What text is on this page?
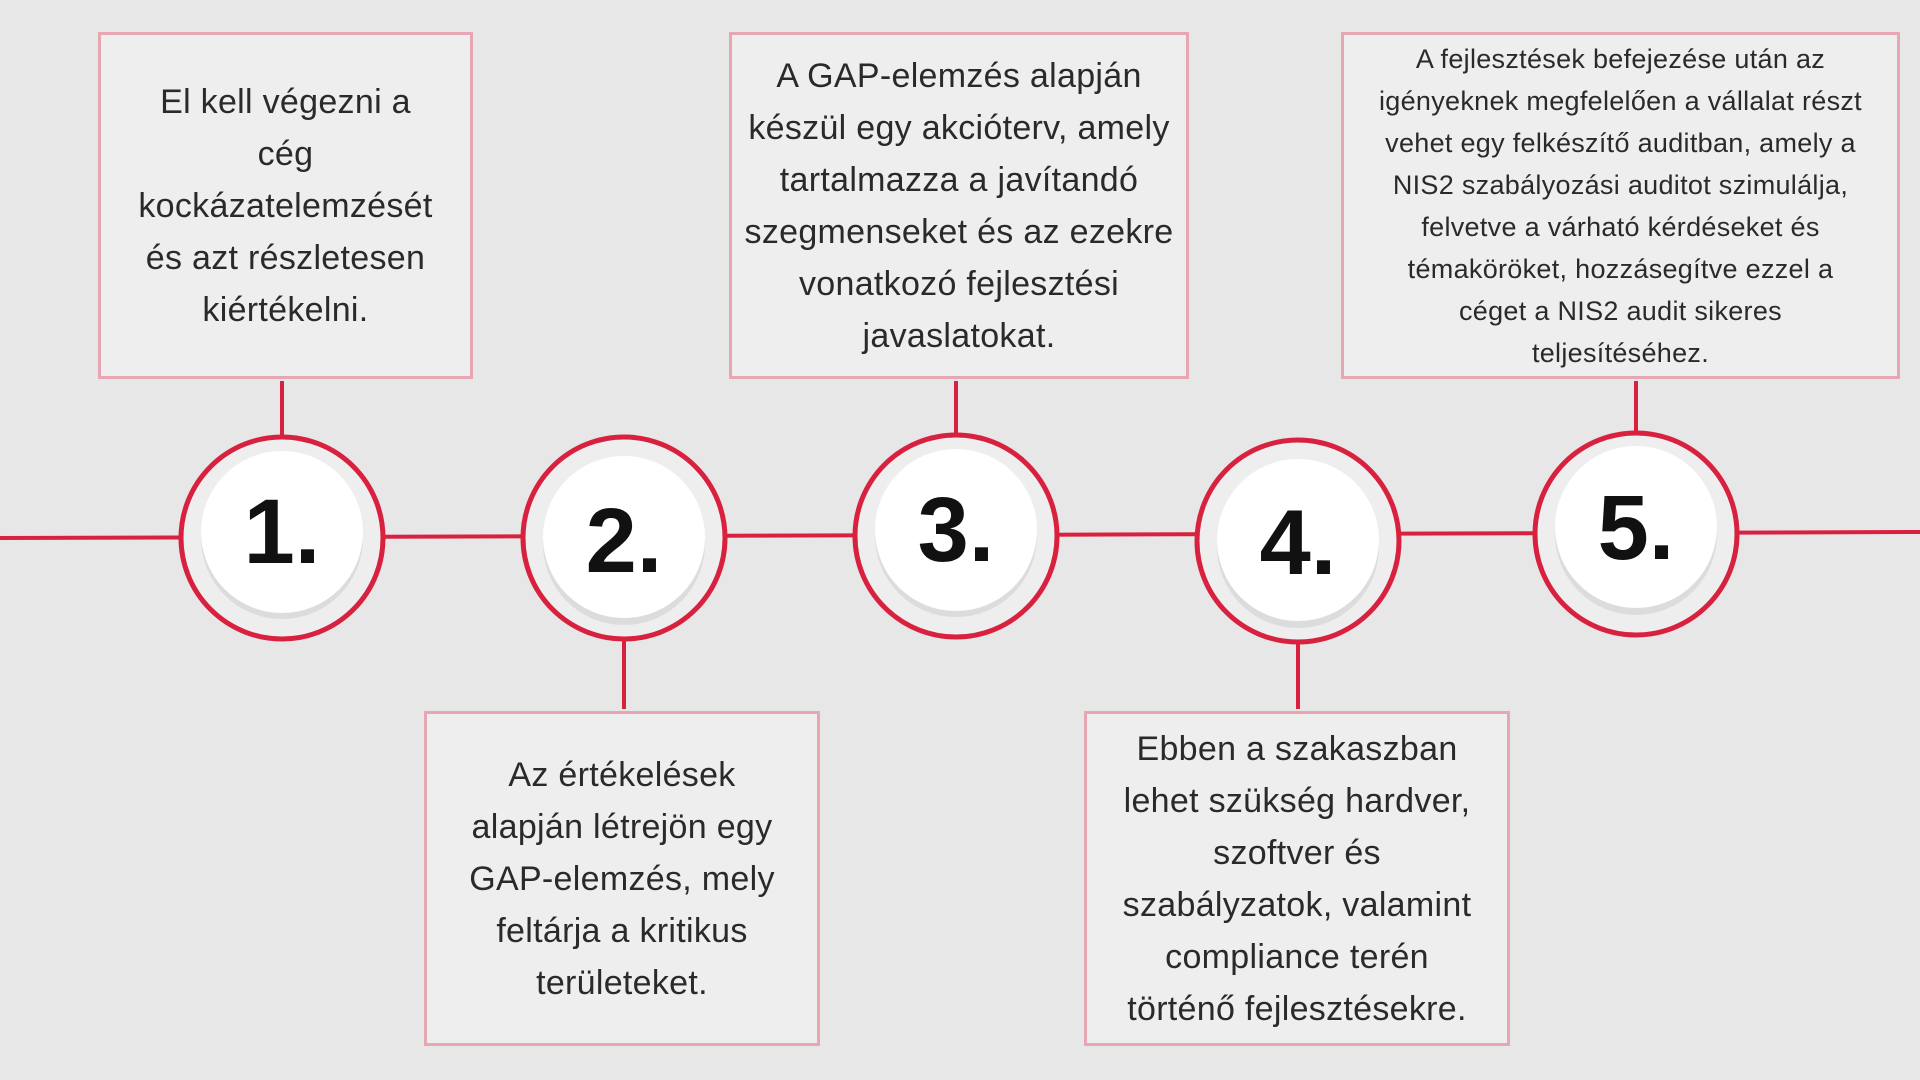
1.	2.	3.	4.	5.
El kell végezni a
cég
kockázatelemzését
és azt részletesen
kiértékelni.
Az értékelések
alapján létrejön egy
GAP-elemzés, mely
feltárja a kritikus
területeket.
A GAP-elemzés alapján
készül egy akcióterv, amely
tartalmazza a javítandó
szegmenseket és az ezekre
vonatkozó fejlesztési
javaslatokat.
Ebben a szakaszban
lehet szükség hardver,
szoftver és
szabályzatok, valamint
compliance terén
történő fejlesztésekre.
A fejlesztések befejezése után az
igényeknek megfelelően a vállalat részt
vehet egy felkészítő auditban, amely a
NIS2 szabályozási auditot szimulálja,
felvetve a várható kérdéseket és
témaköröket, hozzásegítve ezzel a
céget a NIS2 audit sikeres
teljesítéséhez.
